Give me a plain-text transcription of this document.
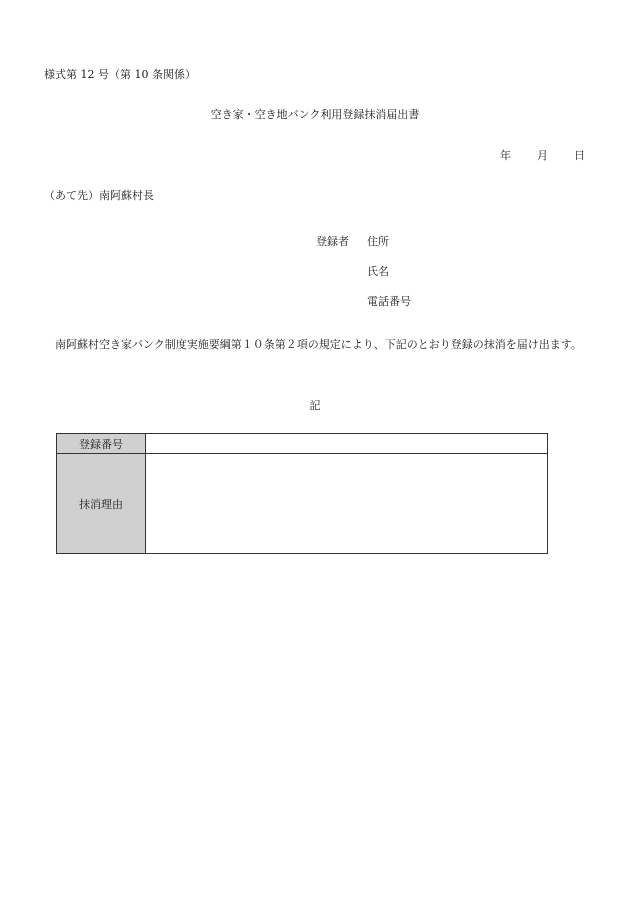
様式第 12 号（第 10 条関係）
空き家・空き地バンク利用登録抹消届出書
年 月 日
（あて先）南阿蘇村長
登録者 住所
氏名
電話番号
南阿蘇村空き家バンク制度実施要綱第１０条第２項の規定により、下記のとおり登録の抹消を届け出ます。
記
登録番号	
抹消理由	
